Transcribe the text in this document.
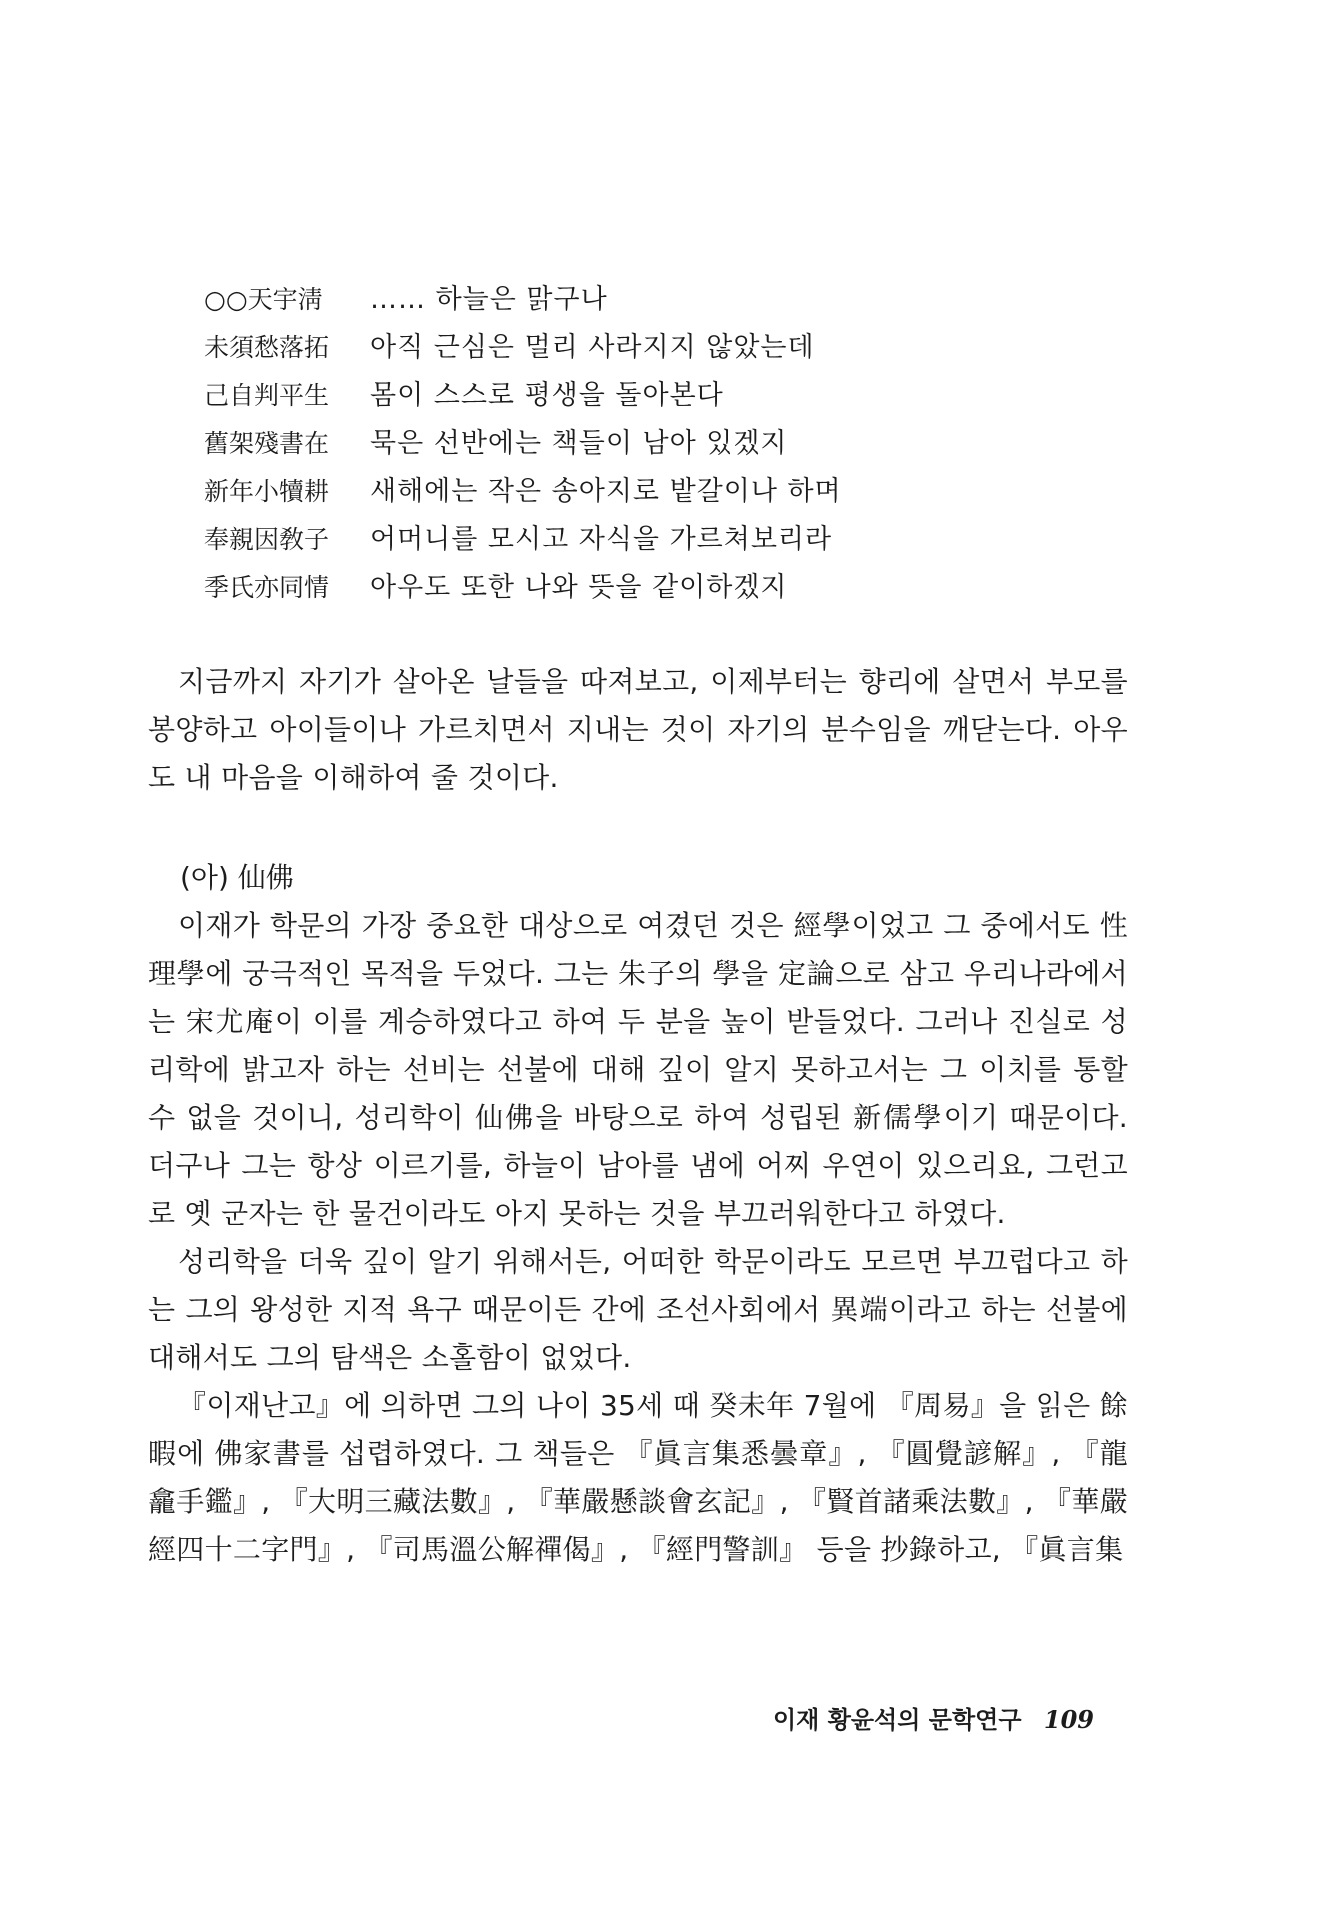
○○天宇淸	…… 하늘은 맑구나
未須愁落拓	아직 근심은 멀리 사라지지 않았는데
己自判平生	몸이 스스로 평생을 돌아본다
舊架殘書在	묵은 선반에는 책들이 남아 있겠지
新年小犢耕	새해에는 작은 송아지로 밭갈이나 하며
奉親因敎子	어머니를 모시고 자식을 가르쳐보리라
季氏亦同情	아우도 또한 나와 뜻을 같이하겠지

지금까지 자기가 살아온 날들을 따져보고, 이제부터는 향리에 살면서 부모를 봉양하고 아이들이나 가르치면서 지내는 것이 자기의 분수임을 깨닫는다. 아우도 내 마음을 이해하여 줄 것이다.

(아) 仙佛

이재가 학문의 가장 중요한 대상으로 여겼던 것은 經學이었고 그 중에서도 性理學에 궁극적인 목적을 두었다. 그는 朱子의 學을 定論으로 삼고 우리나라에서는 宋尤庵이 이를 계승하였다고 하여 두 분을 높이 받들었다. 그러나 진실로 성리학에 밝고자 하는 선비는 선불에 대해 깊이 알지 못하고서는 그 이치를 통할 수 없을 것이니, 성리학이 仙佛을 바탕으로 하여 성립된 新儒學이기 때문이다. 더구나 그는 항상 이르기를, 하늘이 남아를 냄에 어찌 우연이 있으리요, 그런고로 옛 군자는 한 물건이라도 아지 못하는 것을 부끄러워한다고 하였다.

성리학을 더욱 깊이 알기 위해서든, 어떠한 학문이라도 모르면 부끄럽다고 하는 그의 왕성한 지적 욕구 때문이든 간에 조선사회에서 異端이라고 하는 선불에 대해서도 그의 탐색은 소홀함이 없었다.

『이재난고』에 의하면 그의 나이 35세 때 癸未年 7월에 『周易』을 읽은 餘暇에 佛家書를 섭렵하였다. 그 책들은 『眞言集悉曇章』, 『圓覺諺解』, 『龍龕手鑑』, 『大明三藏法數』, 『華嚴懸談會玄記』, 『賢首諸乘法數』, 『華嚴經四十二字門』, 『司馬溫公解禪偈』, 『經門警訓』 등을 抄錄하고, 『眞言集

이재 황윤석의 문학연구 109
